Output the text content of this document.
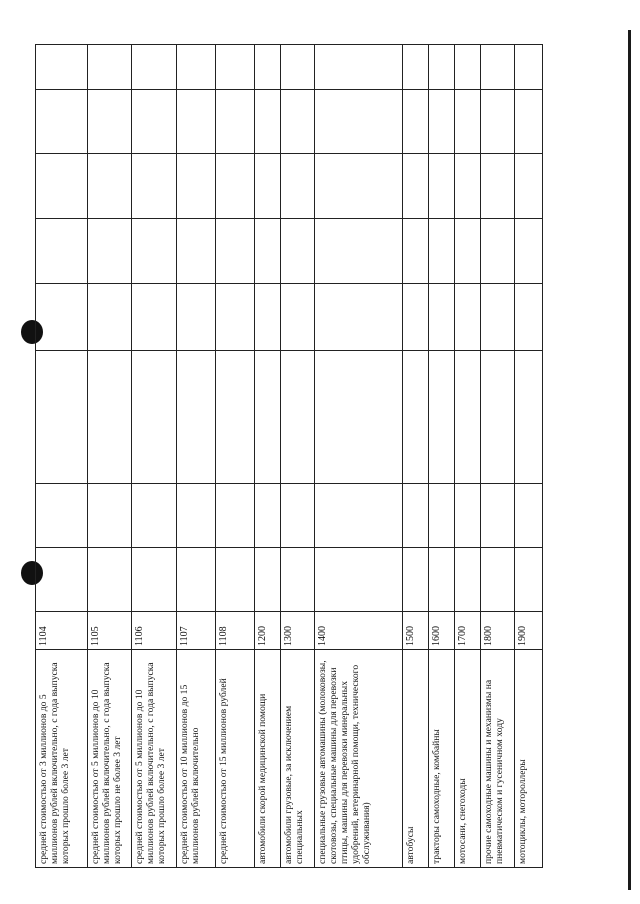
средней стоимостью от 3 миллионов до 5 миллионов рублей включительно, с года выпуска которых прошло более 3 лет	1104								
средней стоимостью от 5 миллионов до 10 миллионов рублей включительно, с года выпуска которых прошло не более 3 лет	1105								
средней стоимостью от 5 миллионов до 10 миллионов рублей включительно, с года выпуска которых прошло более 3 лет	1106								
средней стоимостью от 10 миллионов до 15 миллионов рублей включительно	1107								
средней стоимостью от 15 миллионов рублей	1108								
автомобили скорой медицинской помощи	1200								
автомобили грузовые, за исключением специальных	1300								
специальные грузовые автомашины (молоковозы, скотовозы, специальные машины для перевозки птицы, машины для перевозки минеральных удобрений, ветеринарной помощи, технического обслуживания)	1400								
автобусы	1500								
тракторы самоходные, комбайны	1600								
мотосани, снегоходы	1700								
прочие самоходные машины и механизмы на пневматическом и гусеничном ходу	1800								
мотоциклы, мотороллеры	1900								
